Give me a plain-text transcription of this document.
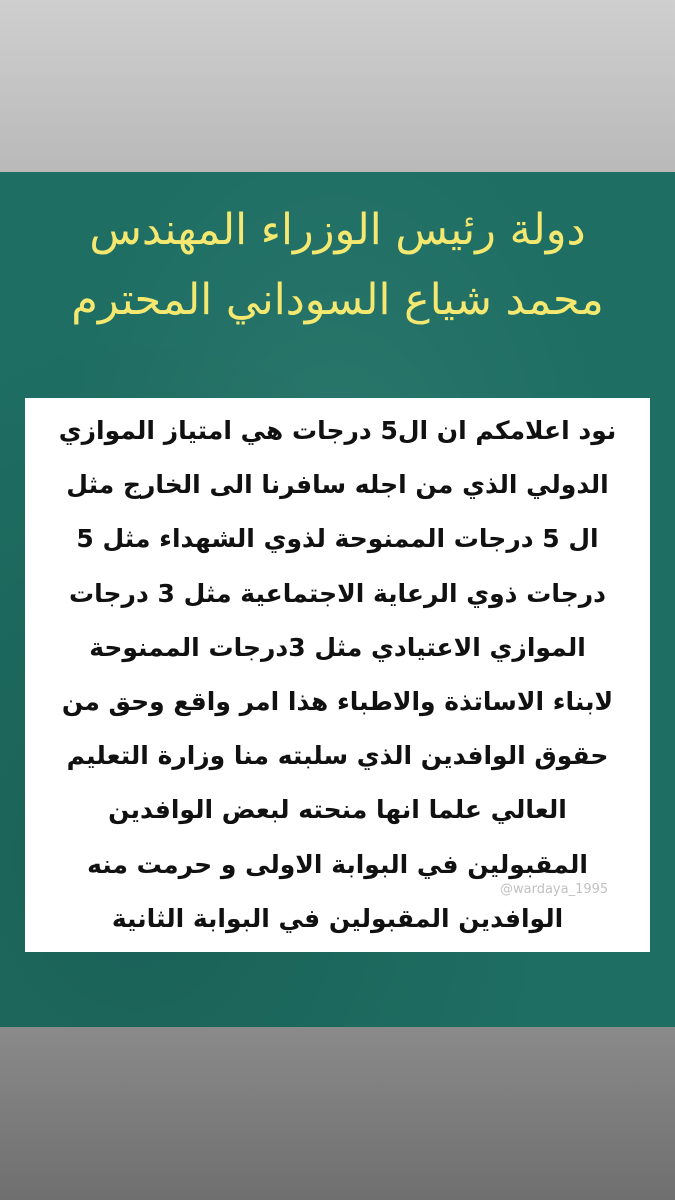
دولة رئيس الوزراء المهندس
محمد شياع السوداني المحترم
نود اعلامكم ان ال5 درجات هي امتياز الموازي
الدولي الذي من اجله سافرنا الى الخارج مثل
ال 5 درجات الممنوحة لذوي الشهداء مثل 5
درجات ذوي الرعاية الاجتماعية مثل 3 درجات
الموازي الاعتيادي مثل 3درجات الممنوحة
لابناء الاساتذة والاطباء هذا امر واقع وحق من
حقوق الوافدين الذي سلبته منا وزارة التعليم
العالي علما انها منحته لبعض الوافدين
المقبولين في البوابة الاولى و حرمت منه
الوافدين المقبولين في البوابة الثانية
@wardaya_1995
